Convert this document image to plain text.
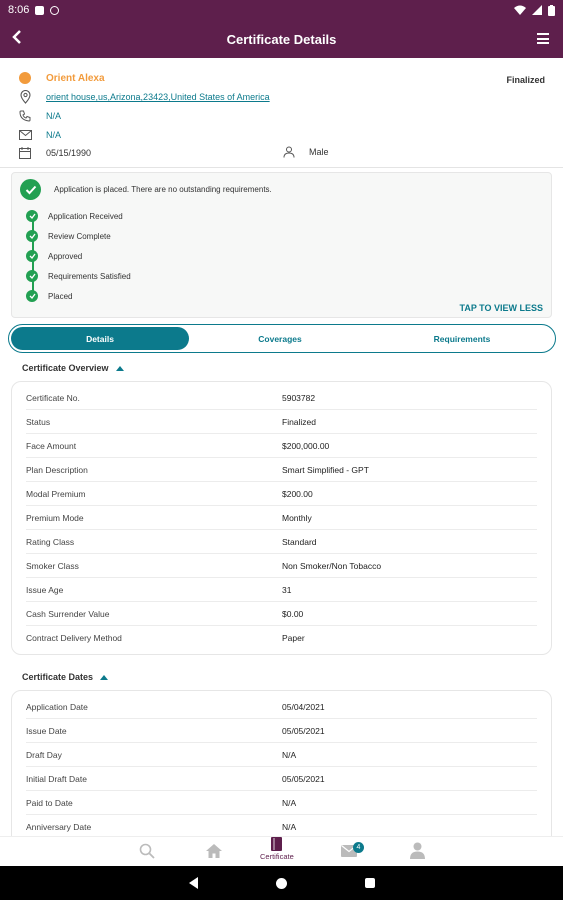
8:06
Certificate Details
Orient Alexa	Finalized
orient house,us,Arizona,23423,United States of America
N/A
N/A
05/15/1990	Male
Application is placed. There are no outstanding requirements.
Application Received
Review Complete
Approved
Requirements Satisfied
Placed
TAP TO VIEW LESS
Details	Coverages	Requirements
Certificate Overview
Certificate No.	5903782
Status	Finalized
Face Amount	$200,000.00
Plan Description	Smart Simplified - GPT
Modal Premium	$200.00
Premium Mode	Monthly
Rating Class	Standard
Smoker Class	Non Smoker/Non Tobacco
Issue Age	31
Cash Surrender Value	$0.00
Contract Delivery Method	Paper
Certificate Dates
Application Date	05/04/2021
Issue Date	05/05/2021
Draft Day	N/A
Initial Draft Date	05/05/2021
Paid to Date	N/A
Anniversary Date	N/A
Certificate
4
